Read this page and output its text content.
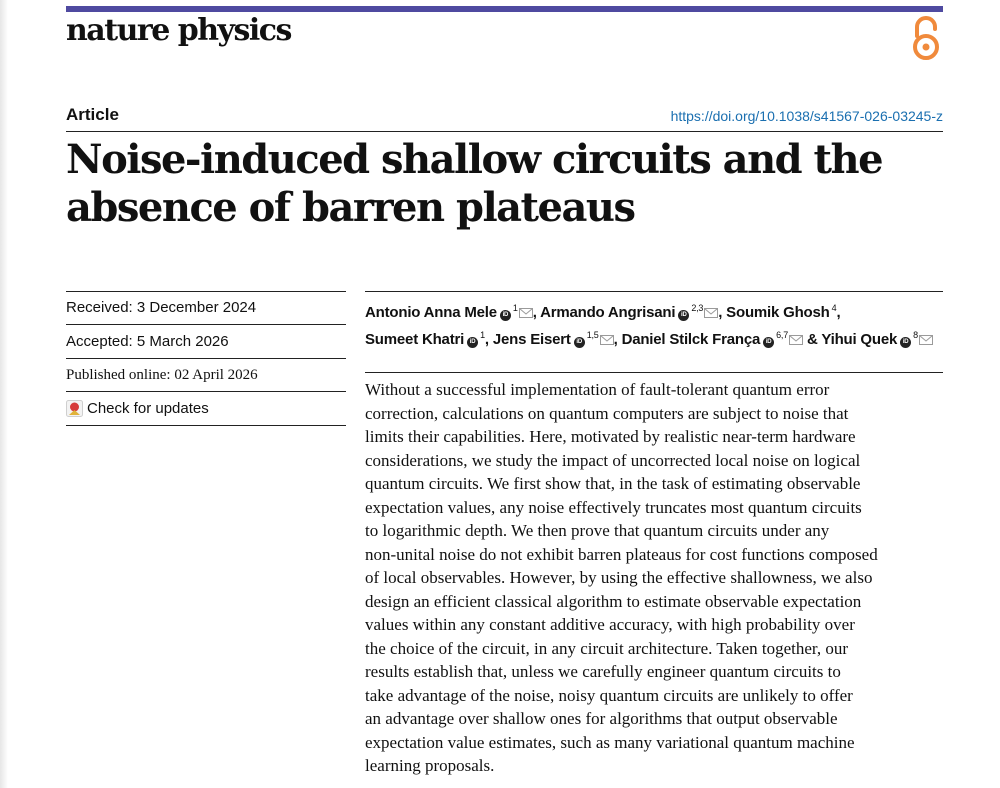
nature physics
Article	https://doi.org/10.1038/s41567-026-03245-z
Noise-induced shallow circuits and the absence of barren plateaus
Received: 3 December 2024
Accepted: 5 March 2026
Published online: 02 April 2026
Check for updates

Antonio Anna Mele iD$^1$ , Armando Angrisani iD$^{2,3}$ , Soumik Ghosh $^4$, Sumeet Khatri iD$^1$, Jens Eisert iD$^{1,5}$ , Daniel Stilck França iD$^{6,7}$ & Yihui Quek iD$^8$

Without a successful implementation of fault-tolerant quantum error
correction, calculations on quantum computers are subject to noise that
limits their capabilities. Here, motivated by realistic near-term hardware
considerations, we study the impact of uncorrected local noise on logical
quantum circuits. We first show that, in the task of estimating observable
expectation values, any noise effectively truncates most quantum circuits
to logarithmic depth. We then prove that quantum circuits under any
non-unital noise do not exhibit barren plateaus for cost functions composed
of local observables. However, by using the effective shallowness, we also
design an efficient classical algorithm to estimate observable expectation
values within any constant additive accuracy, with high probability over
the choice of the circuit, in any circuit architecture. Taken together, our
results establish that, unless we carefully engineer quantum circuits to
take advantage of the noise, noisy quantum circuits are unlikely to offer
an advantage over shallow ones for algorithms that output observable
expectation value estimates, such as many variational quantum machine
learning proposals.
